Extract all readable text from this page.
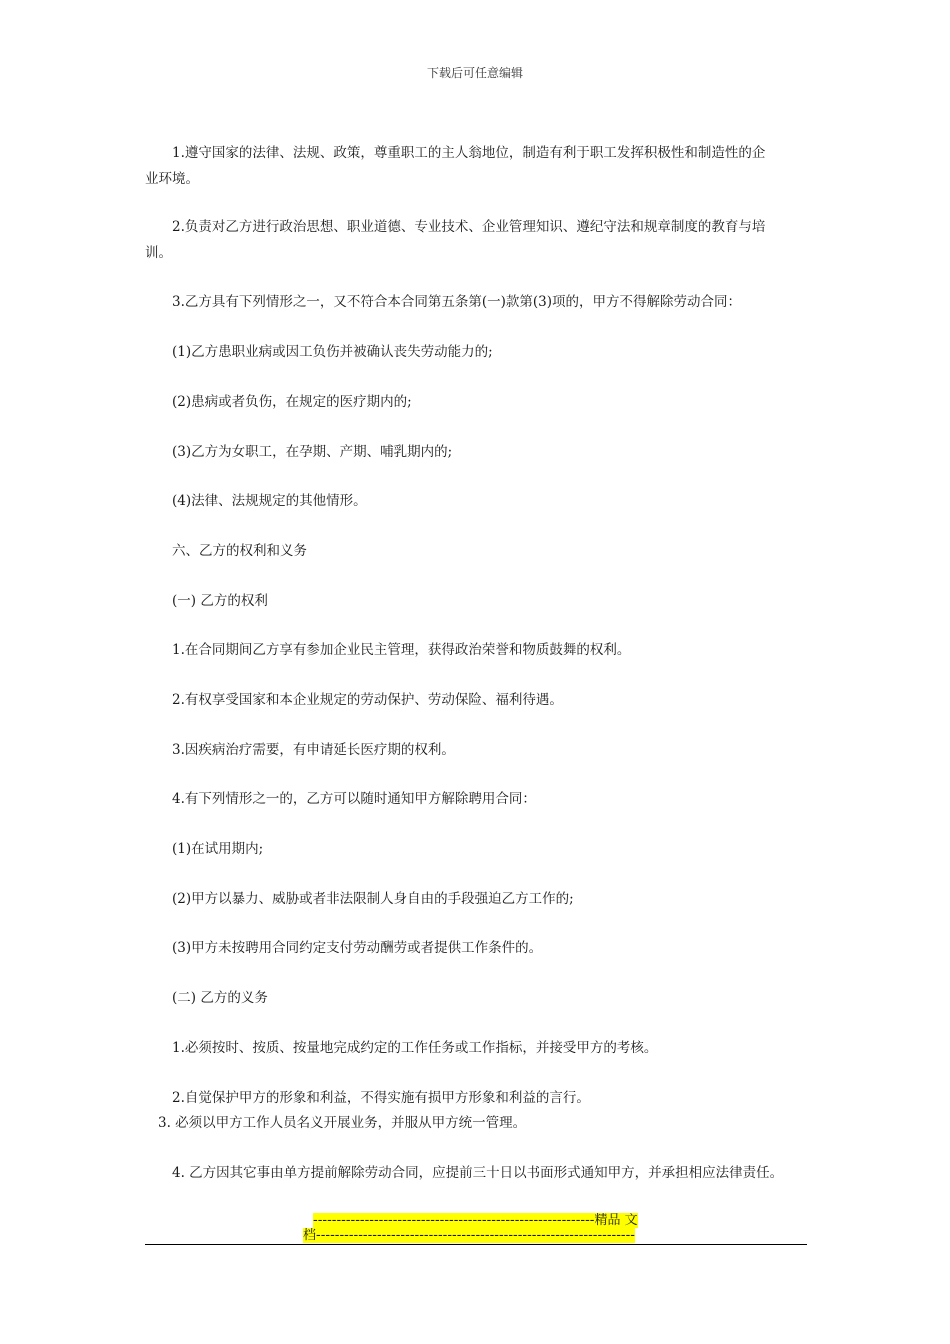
下载后可任意编辑
1.遵守国家的法律、法规、政策，尊重职工的主人翁地位，制造有利于职工发挥积极性和制造性的企
业环境。
2.负责对乙方进行政治思想、职业道德、专业技术、企业管理知识、遵纪守法和规章制度的教育与培
训。
3.乙方具有下列情形之一，又不符合本合同第五条第(一)款第(3)项的，甲方不得解除劳动合同：
(1)乙方患职业病或因工负伤并被确认丧失劳动能力的;
(2)患病或者负伤，在规定的医疗期内的;
(3)乙方为女职工，在孕期、产期、哺乳期内的;
(4)法律、法规规定的其他情形。
六、乙方的权利和义务
(一) 乙方的权利
1.在合同期间乙方享有参加企业民主管理，获得政治荣誉和物质鼓舞的权利。
2.有权享受国家和本企业规定的劳动保护、劳动保险、福利待遇。
3.因疾病治疗需要，有申请延长医疗期的权利。
4.有下列情形之一的，乙方可以随时通知甲方解除聘用合同：
(1)在试用期内;
(2)甲方以暴力、威胁或者非法限制人身自由的手段强迫乙方工作的;
(3)甲方未按聘用合同约定支付劳动酬劳或者提供工作条件的。
(二) 乙方的义务
1.必须按时、按质、按量地完成约定的工作任务或工作指标，并接受甲方的考核。
2.自觉保护甲方的形象和利益，不得实施有损甲方形象和利益的言行。
3. 必须以甲方工作人员名义开展业务，并服从甲方统一管理。
4. 乙方因其它事由单方提前解除劳动合同，应提前三十日以书面形式通知甲方，并承担相应法律责任。
------------------------------------------------------------精品 文
档--------------------------------------------------------------------
